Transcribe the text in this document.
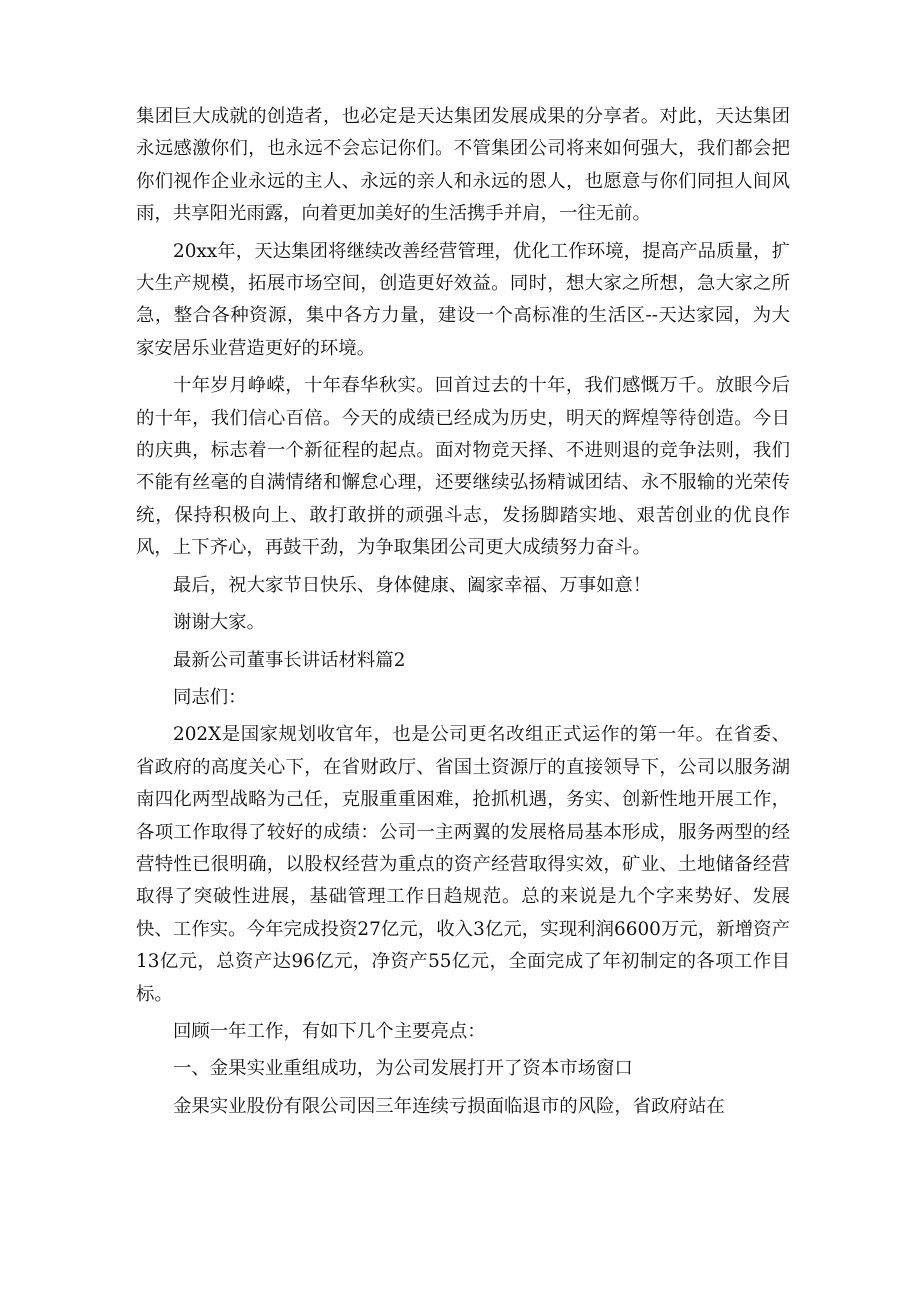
集团巨大成就的创造者，也必定是天达集团发展成果的分享者。对此，天达集团永远感激你们，也永远不会忘记你们。不管集团公司将来如何强大，我们都会把你们视作企业永远的主人、永远的亲人和永远的恩人，也愿意与你们同担人间风雨，共享阳光雨露，向着更加美好的生活携手并肩，一往无前。

20xx年，天达集团将继续改善经营管理，优化工作环境，提高产品质量，扩大生产规模，拓展市场空间，创造更好效益。同时，想大家之所想，急大家之所急，整合各种资源，集中各方力量，建设一个高标准的生活区--天达家园，为大家安居乐业营造更好的环境。

十年岁月峥嵘，十年春华秋实。回首过去的十年，我们感慨万千。放眼今后的十年，我们信心百倍。今天的成绩已经成为历史，明天的辉煌等待创造。今日的庆典，标志着一个新征程的起点。面对物竞天择、不进则退的竞争法则，我们不能有丝毫的自满情绪和懈怠心理，还要继续弘扬精诚团结、永不服输的光荣传统，保持积极向上、敢打敢拼的顽强斗志，发扬脚踏实地、艰苦创业的优良作风，上下齐心，再鼓干劲，为争取集团公司更大成绩努力奋斗。

最后，祝大家节日快乐、身体健康、阖家幸福、万事如意！

谢谢大家。

最新公司董事长讲话材料篇2

同志们：

202X是国家规划收官年，也是公司更名改组正式运作的第一年。在省委、省政府的高度关心下，在省财政厅、省国土资源厅的直接领导下，公司以服务湖南四化两型战略为己任，克服重重困难，抢抓机遇，务实、创新性地开展工作，各项工作取得了较好的成绩：公司一主两翼的发展格局基本形成，服务两型的经营特性已很明确，以股权经营为重点的资产经营取得实效，矿业、土地储备经营取得了突破性进展，基础管理工作日趋规范。总的来说是九个字来势好、发展快、工作实。今年完成投资27亿元，收入3亿元，实现利润6600万元，新增资产13亿元，总资产达96亿元，净资产55亿元，全面完成了年初制定的各项工作目标。

回顾一年工作，有如下几个主要亮点：

一、金果实业重组成功，为公司发展打开了资本市场窗口

金果实业股份有限公司因三年连续亏损面临退市的风险，省政府站在
